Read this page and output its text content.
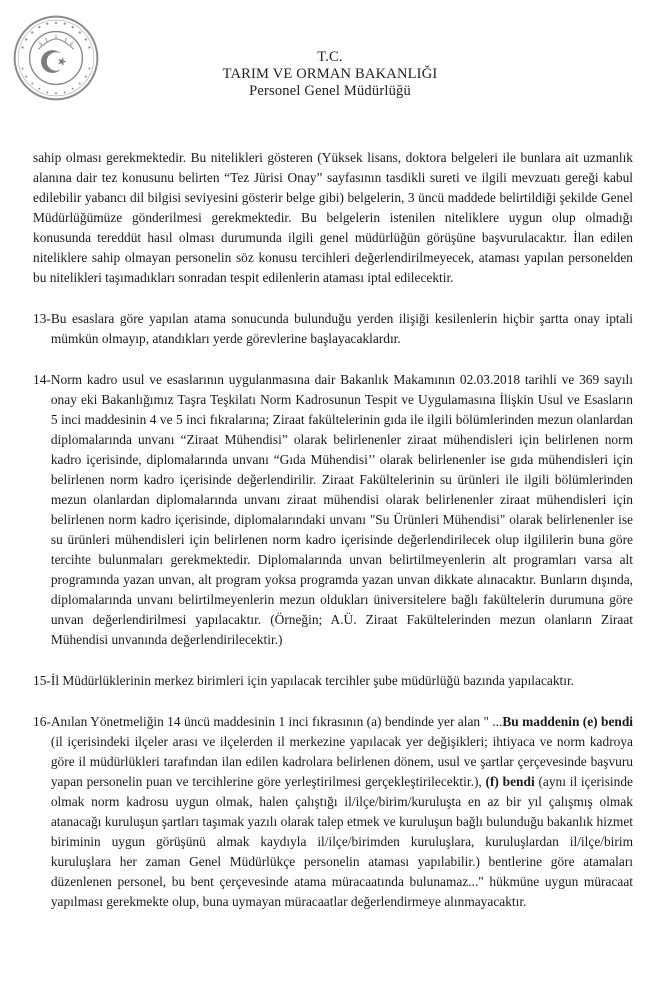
T.C.
TARIM VE ORMAN BAKANLIĞI
Personel Genel Müdürlüğü

sahip olması gerekmektedir. Bu nitelikleri gösteren (Yüksek lisans, doktora belgeleri ile bunlara ait uzmanlık alanına dair tez konusunu belirten “Tez Jürisi Onay” sayfasının tasdikli sureti ve ilgili mevzuatı gereği kabul edilebilir yabancı dil bilgisi seviyesini gösterir belge gibi) belgelerin, 3 üncü maddede belirtildiği şekilde Genel Müdürlüğümüze gönderilmesi gerekmektedir. Bu belgelerin istenilen niteliklere uygun olup olmadığı konusunda tereddüt hasıl olması durumunda ilgili genel müdürlüğün görüşüne başvurulacaktır. İlan edilen niteliklere sahip olmayan personelin söz konusu tercihleri değerlendirilmeyecek, ataması yapılan personelden bu nitelikleri taşımadıkları sonradan tespit edilenlerin ataması iptal edilecektir.

13- Bu esaslara göre yapılan atama sonucunda bulunduğu yerden ilişiği kesilenlerin hiçbir şartta onay iptali mümkün olmayıp, atandıkları yerde görevlerine başlayacaklardır.
14- Norm kadro usul ve esaslarının uygulanmasına dair Bakanlık Makamının 02.03.2018 tarihli ve 369 sayılı onay eki Bakanlığımız Taşra Teşkilatı Norm Kadrosunun Tespit ve Uygulamasına İlişkin Usul ve Esasların 5 inci maddesinin 4 ve 5 inci fıkralarına; Ziraat fakültelerinin gıda ile ilgili bölümlerinden mezun olanlardan diplomalarında unvanı “Ziraat Mühendisi” olarak belirlenenler ziraat mühendisleri için belirlenen norm kadro içerisinde, diplomalarında unvanı “Gıda Mühendisi’’ olarak belirlenenler ise gıda mühendisleri için belirlenen norm kadro içerisinde değerlendirilir. Ziraat Fakültelerinin su ürünleri ile ilgili bölümlerinden mezun olanlardan diplomalarında unvanı ziraat mühendisi olarak belirlenenler ziraat mühendisleri için belirlenen norm kadro içerisinde, diplomalarındaki unvanı "Su Ürünleri Mühendisi" olarak belirlenenler ise su ürünleri mühendisleri için belirlenen norm kadro içerisinde değerlendirilecek olup ilgililerin buna göre tercihte bulunmaları gerekmektedir. Diplomalarında unvan belirtilmeyenlerin alt programları varsa alt programında yazan unvan, alt program yoksa programda yazan unvan dikkate alınacaktır. Bunların dışında, diplomalarında unvanı belirtilmeyenlerin mezun oldukları üniversitelere bağlı fakültelerin durumuna göre unvan değerlendirilmesi yapılacaktır. (Örneğin; A.Ü. Ziraat Fakültelerinden mezun olanların Ziraat Mühendisi unvanında değerlendirilecektir.)
15- İl Müdürlüklerinin merkez birimleri için yapılacak tercihler şube müdürlüğü bazında yapılacaktır.
16- Anılan Yönetmeliğin 14 üncü maddesinin 1 inci fıkrasının (a) bendinde yer alan " ...Bu maddenin (e) bendi (il içerisindeki ilçeler arası ve ilçelerden il merkezine yapılacak yer değişikleri; ihtiyaca ve norm kadroya göre il müdürlükleri tarafından ilan edilen kadrolara belirlenen dönem, usul ve şartlar çerçevesinde başvuru yapan personelin puan ve tercihlerine göre yerleştirilmesi gerçekleştirilecektir.), (f) bendi (aynı il içerisinde olmak norm kadrosu uygun olmak, halen çalıştığı il/ilçe/birim/kuruluşta en az bir yıl çalışmış olmak atanacağı kuruluşun şartları taşımak yazılı olarak talep etmek ve kuruluşun bağlı bulunduğu bakanlık hizmet biriminin uygun görüşünü almak kaydıyla il/ilçe/birimden kuruluşlara, kuruluşlardan il/ilçe/birim kuruluşlara her zaman Genel Müdürlükçe personelin ataması yapılabilir.) bentlerine göre atamaları düzenlenen personel, bu bent çerçevesinde atama müracaatında bulunamaz..." hükmüne uygun müracaat yapılması gerekmekte olup, buna uymayan müracaatlar değerlendirmeye alınmayacaktır.
